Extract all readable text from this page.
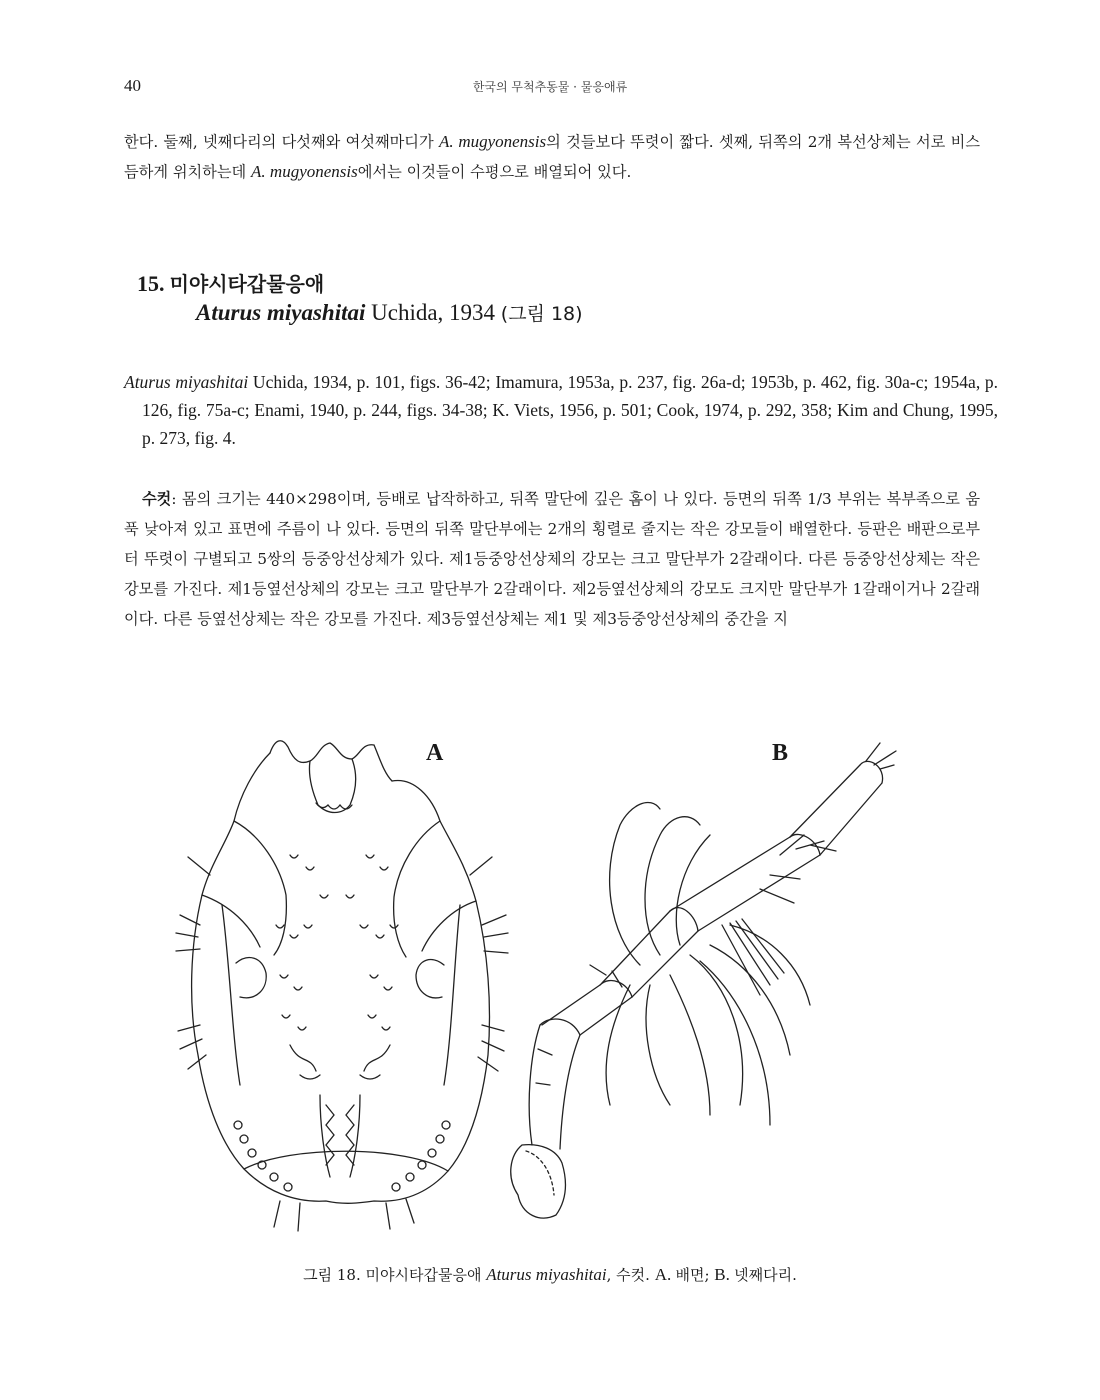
40	한국의 무척추동물 · 물응애류
한다. 둘째, 넷째다리의 다섯째와 여섯째마디가 A. mugyonensis의 것들보다 뚜렷이 짧다. 셋째, 뒤쪽의 2개 복선상체는 서로 비스듬하게 위치하는데 A. mugyonensis에서는 이것들이 수평으로 배열되어 있다.
15. 미야시타갑물응애
Aturus miyashitai Uchida, 1934 (그림 18)
Aturus miyashitai Uchida, 1934, p. 101, figs. 36-42; Imamura, 1953a, p. 237, fig. 26a-d; 1953b, p. 462, fig. 30a-c; 1954a, p. 126, fig. 75a-c; Enami, 1940, p. 244, figs. 34-38; K. Viets, 1956, p. 501; Cook, 1974, p. 292, 358; Kim and Chung, 1995, p. 273, fig. 4.
수컷: 몸의 크기는 440×298이며, 등배로 납작하하고, 뒤쪽 말단에 깊은 홈이 나 있다. 등면의 뒤쪽 1/3 부위는 복부족으로 움푹 낮아져 있고 표면에 주름이 나 있다. 등면의 뒤쪽 말단부에는 2개의 횡렬로 줄지는 작은 강모들이 배열한다. 등판은 배판으로부터 뚜렷이 구별되고 5쌍의 등중앙선상체가 있다. 제1등중앙선상체의 강모는 크고 말단부가 2갈래이다. 다른 등중앙선상체는 작은 강모를 가진다. 제1등옆선상체의 강모는 크고 말단부가 2갈래이다. 제2등옆선상체의 강모도 크지만 말단부가 1갈래이거나 2갈래이다. 다른 등옆선상체는 작은 강모를 가진다. 제3등옆선상체는 제1 및 제3등중앙선상체의 중간을 지
A	B
그림 18. 미야시타갑물응애 Aturus miyashitai, 수컷. A. 배면; B. 넷째다리.
